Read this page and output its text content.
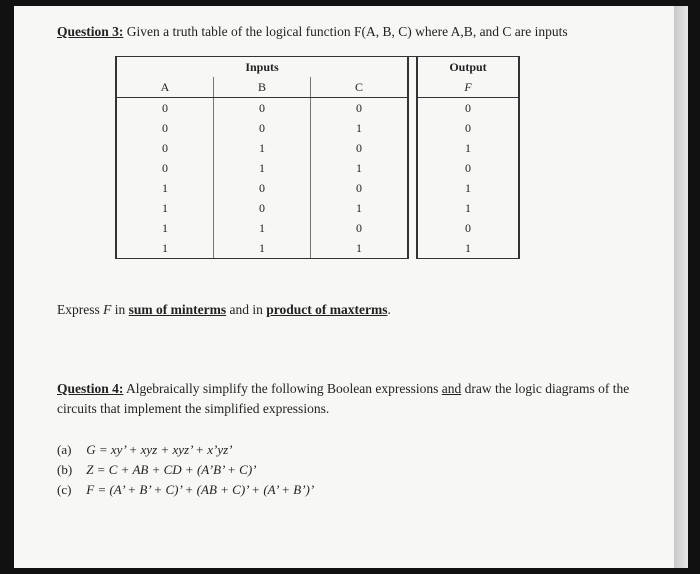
Question 3: Given a truth table of the logical function F(A, B, C) where A,B, and C are inputs
Inputs				Output
A	B	C		F
0	0	0		0
0	0	1		0
0	1	0		1
0	1	1		0
1	0	0		1
1	0	1		1
1	1	0		0
1	1	1		1
Express F in sum of minterms and in product of maxterms.
Question 4: Algebraically simplify the following Boolean expressions and draw the logic diagrams of the circuits that implement the simplified expressions.
(a) G = xy’ + xyz + xyz’ + x’yz’
(b) Z = C + AB + CD + (A’B’ + C)’
(c) F = (A’ + B’ + C)’ + (AB + C)’ + (A’ + B’)’
